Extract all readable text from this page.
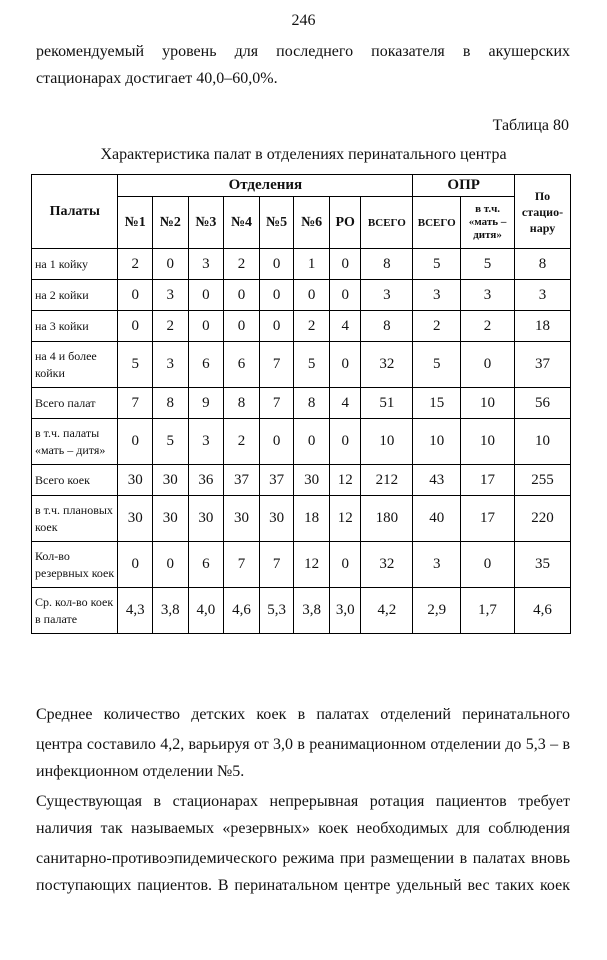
246

рекомендуемый уровень для последнего показателя в акушерских

стационарах достигает 40,0–60,0%.

Таблица 80
Характеристика палат в отделениях перинатального центра
Палаты	Отделения								ОПР		По стацио-нару
	№1	№2	№3	№4	№5	№6	РО	ВСЕГО	ВСЕГО	в т.ч. «мать – дитя»	
на 1 койку	2	0	3	2	0	1	0	8	5	5	8
на 2 койки	0	3	0	0	0	0	0	3	3	3	3
на 3 койки	0	2	0	0	0	2	4	8	2	2	18
на 4 и более койки	5	3	6	6	7	5	0	32	5	0	37
Всего палат	7	8	9	8	7	8	4	51	15	10	56
в т.ч. палаты «мать – дитя»	0	5	3	2	0	0	0	10	10	10	10
Всего коек	30	30	36	37	37	30	12	212	43	17	255
в т.ч. плановых коек	30	30	30	30	30	18	12	180	40	17	220
Кол-во резервных коек	0	0	6	7	7	12	0	32	3	0	35
Ср. кол-во коек в палате	4,3	3,8	4,0	4,6	5,3	3,8	3,0	4,2	2,9	1,7	4,6

Среднее количество детских коек в палатах отделений перинатального

центра составило 4,2, варьируя от 3,0 в реанимационном отделении до 5,3 – в

инфекционном отделении №5.

Существующая в стационарах непрерывная ротация пациентов требует

наличия так называемых «резервных» коек необходимых для соблюдения

санитарно-противоэпидемического режима при размещении в палатах вновь

поступающих пациентов. В перинатальном центре удельный вес таких коек
